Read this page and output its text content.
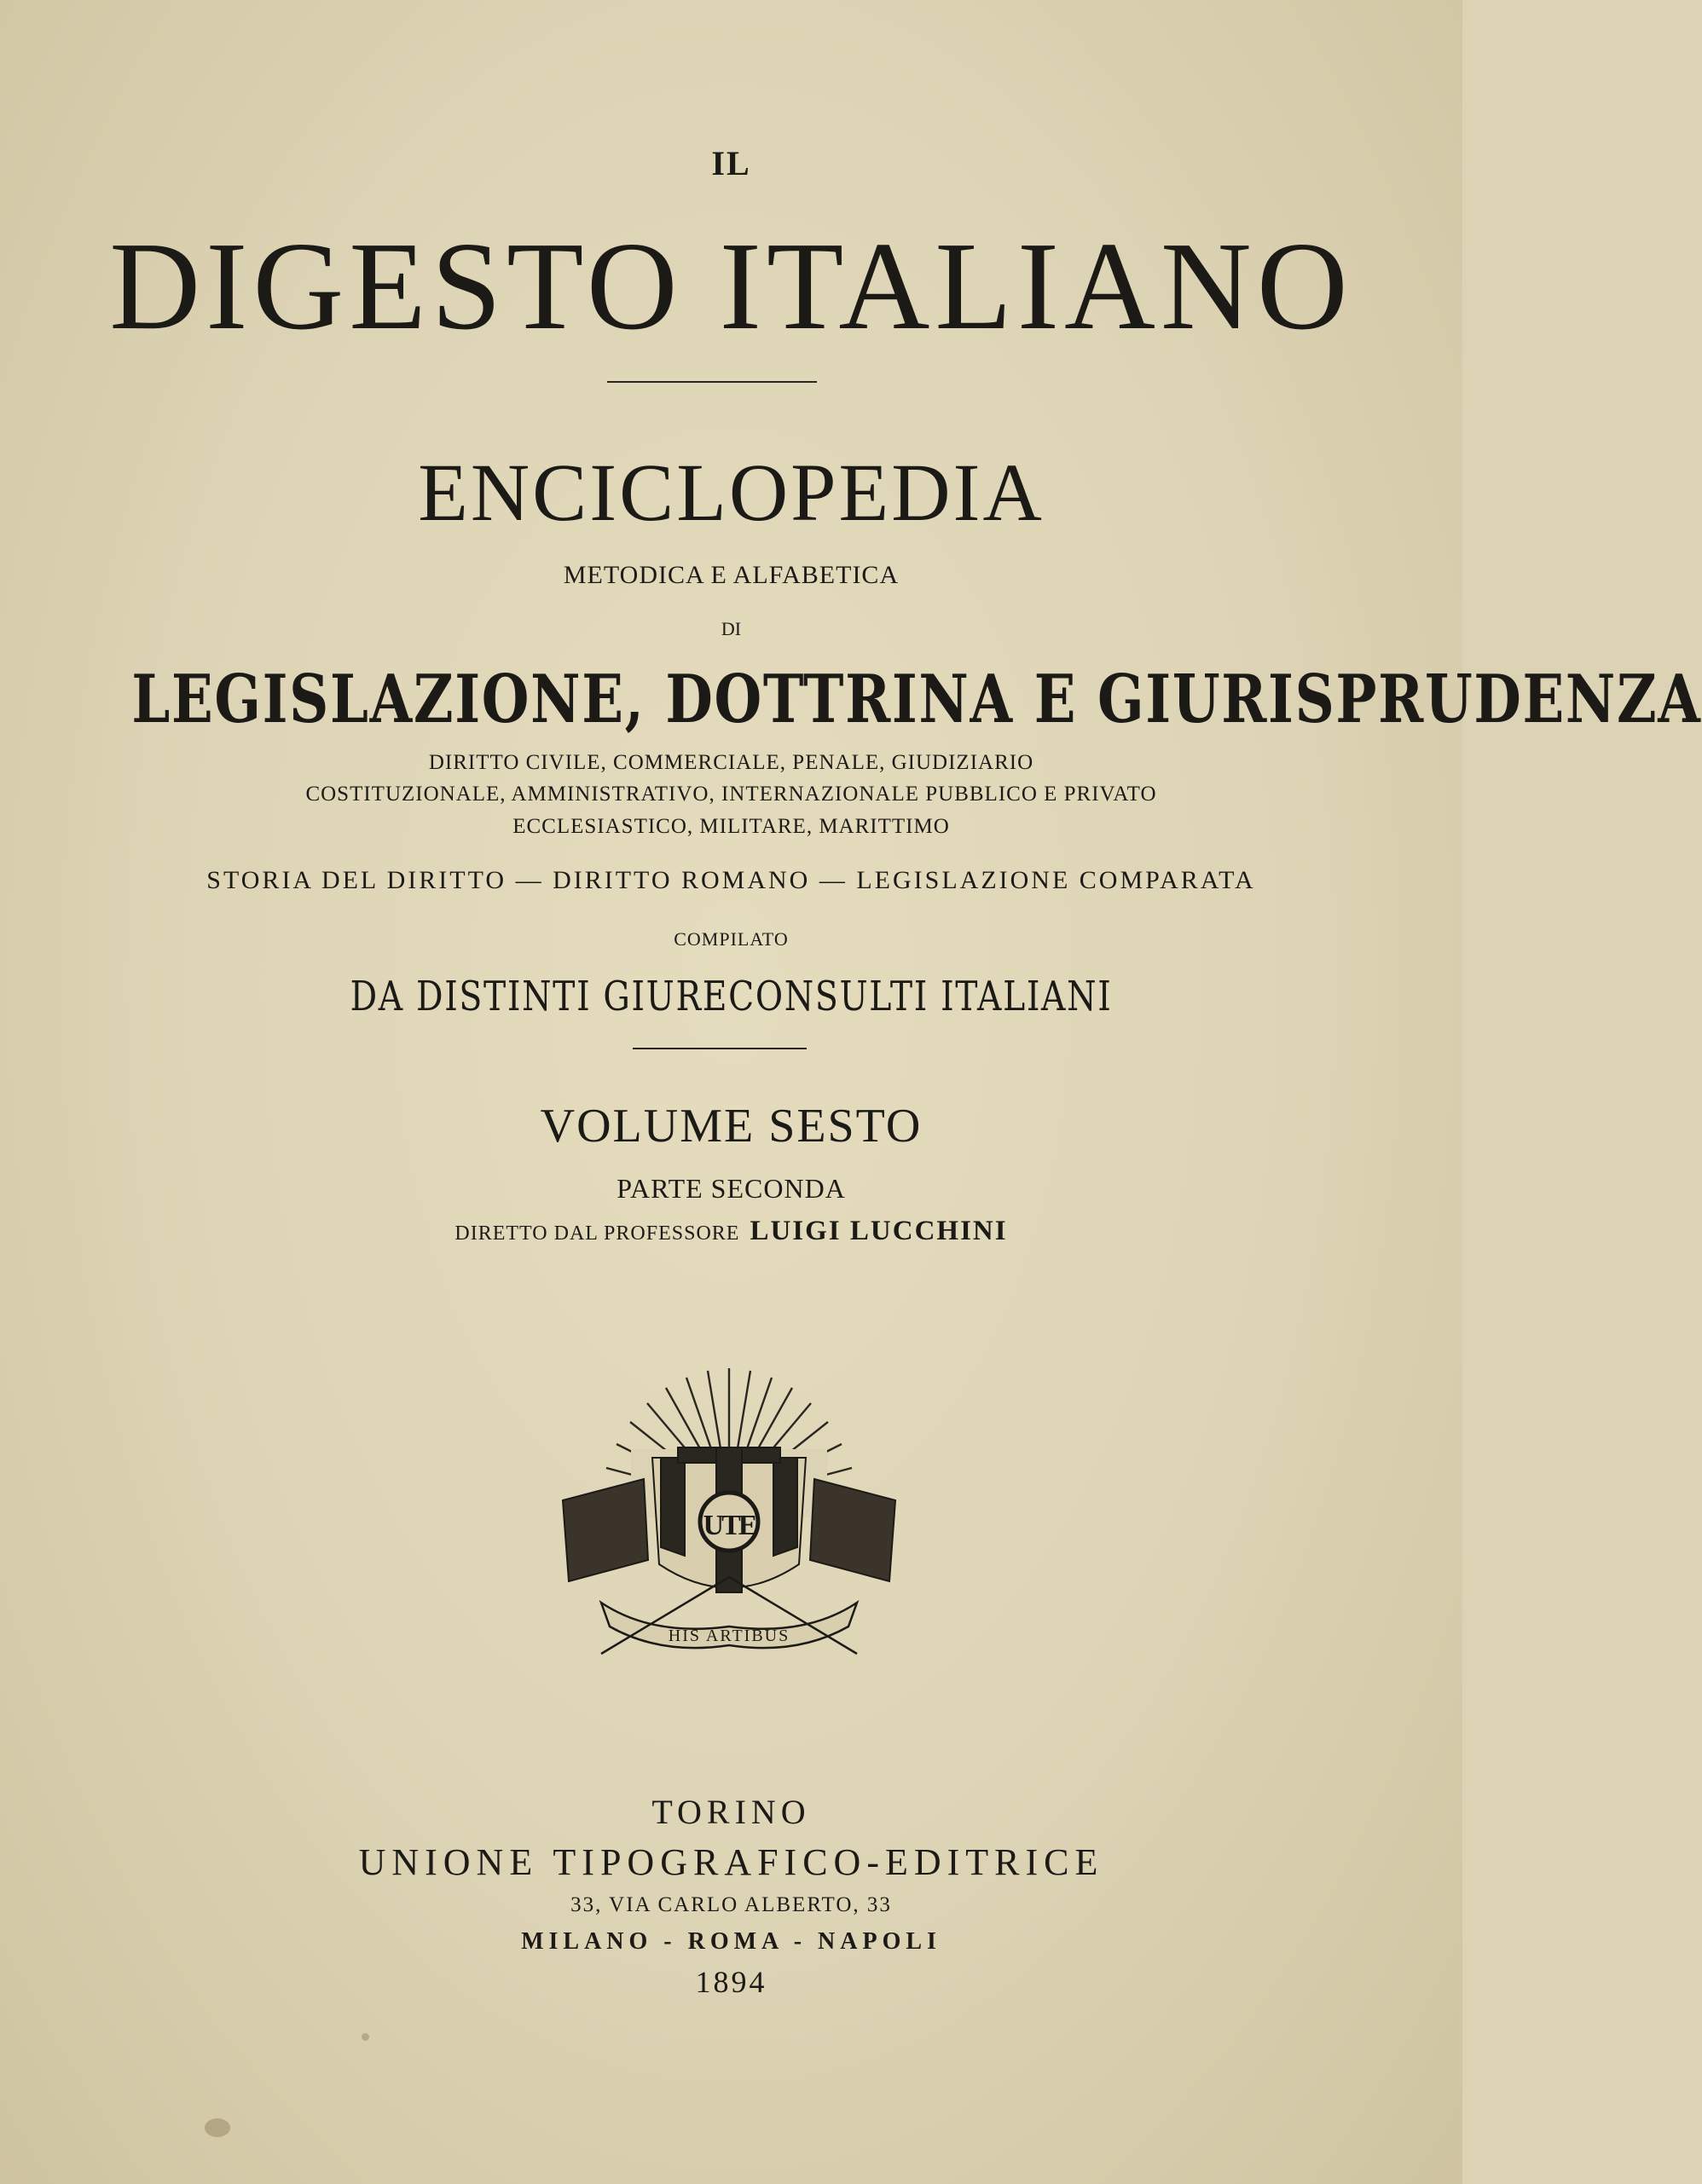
IL
DIGESTO ITALIANO
ENCICLOPEDIA
METODICA E ALFABETICA
DI
LEGISLAZIONE, DOTTRINA E GIURISPRUDENZA
DIRITTO CIVILE, COMMERCIALE, PENALE, GIUDIZIARIO
COSTITUZIONALE, AMMINISTRATIVO, INTERNAZIONALE PUBBLICO E PRIVATO
ECCLESIASTICO, MILITARE, MARITTIMO
STORIA DEL DIRITTO — DIRITTO ROMANO — LEGISLAZIONE COMPARATA
COMPILATO
DA DISTINTI GIURECONSULTI ITALIANI
VOLUME SESTO
PARTE SECONDA
DIRETTO DAL PROFESSORE LUIGI LUCCHINI
UTE
HIS ARTIBUS
TORINO
UNIONE TIPOGRAFICO-EDITRICE
33, VIA CARLO ALBERTO, 33
MILANO - ROMA - NAPOLI
1894
